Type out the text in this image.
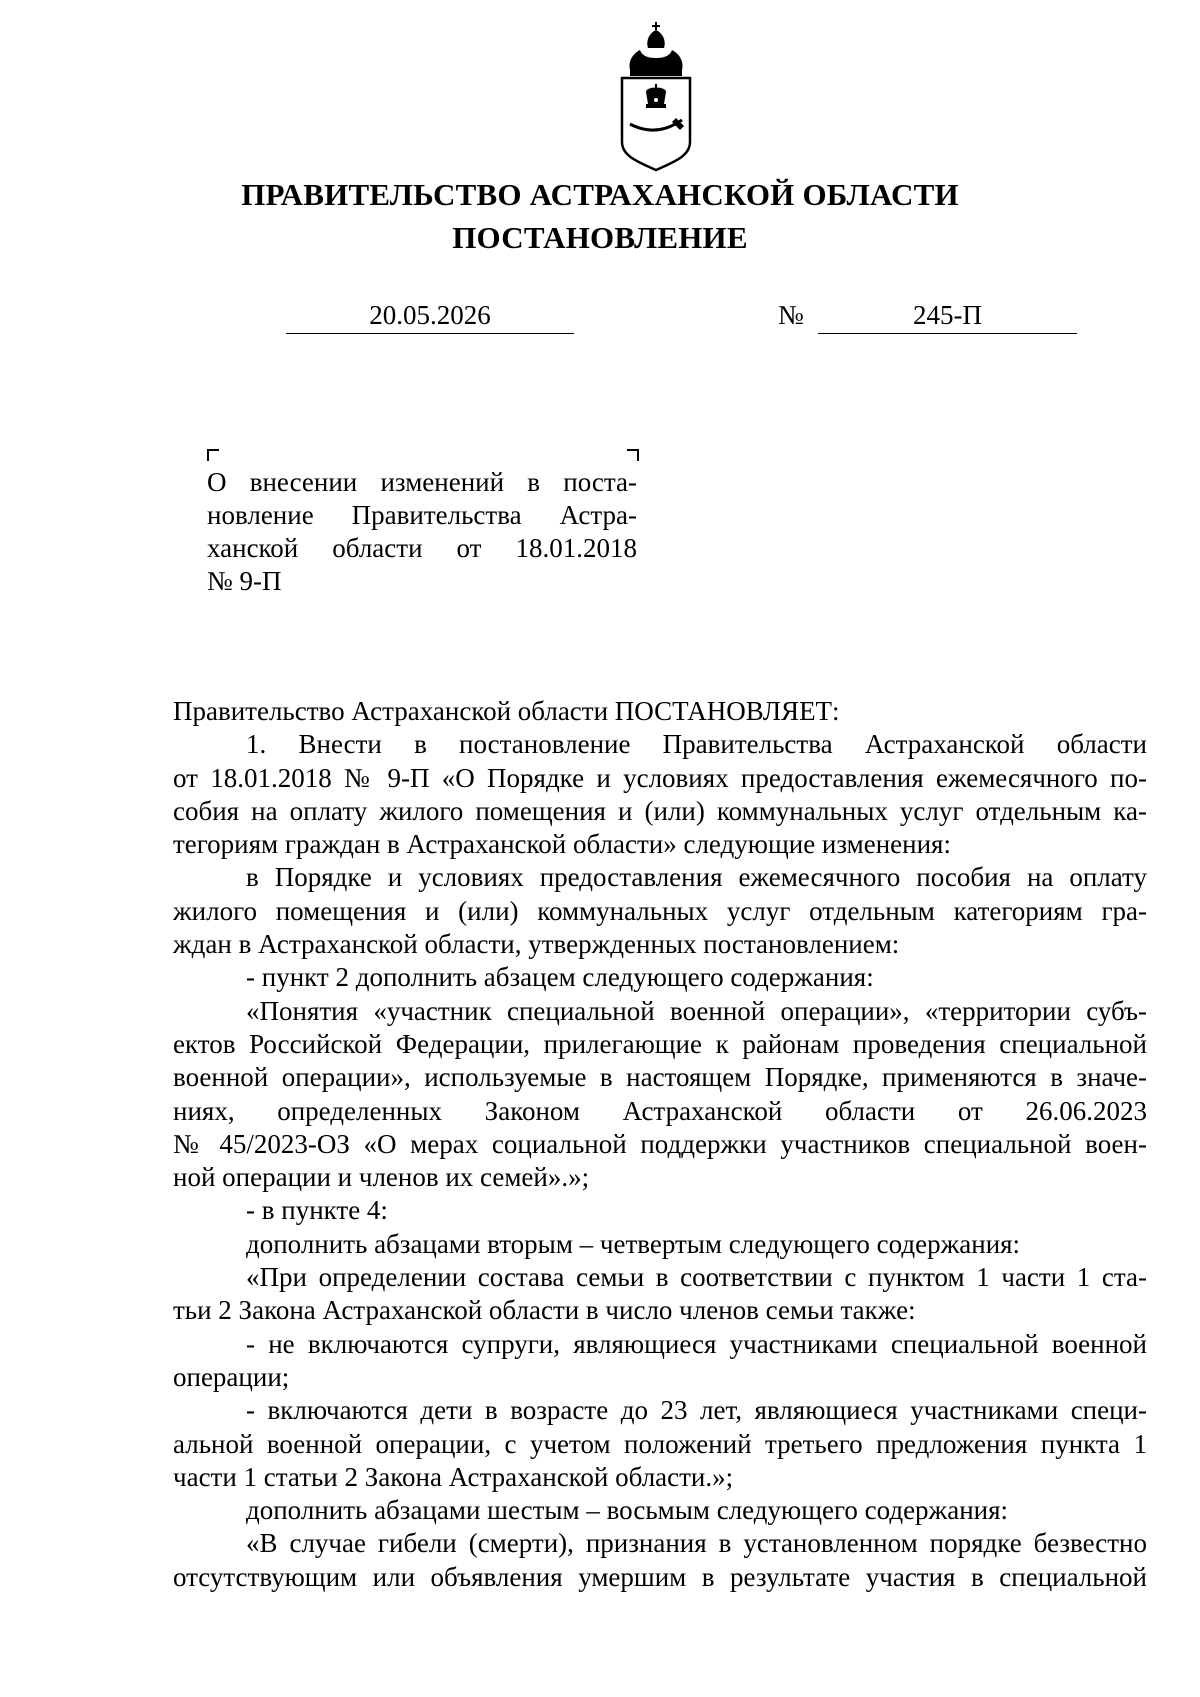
ПРАВИТЕЛЬСТВО АСТРАХАНСКОЙ ОБЛАСТИ
ПОСТАНОВЛЕНИЕ
20.05.2026	№	245-П
О внесении изменений в поста-
новление Правительства Астра-
ханской области от 18.01.2018
№ 9-П
Правительство Астраханской области ПОСТАНОВЛЯЕТ:
1. Внести в постановление Правительства Астраханской области
от 18.01.2018 № 9-П «О Порядке и условиях предоставления ежемесячного по-
собия на оплату жилого помещения и (или) коммунальных услуг отдельным ка-
тегориям граждан в Астраханской области» следующие изменения:
в Порядке и условиях предоставления ежемесячного пособия на оплату
жилого помещения и (или) коммунальных услуг отдельным категориям гра-
ждан в Астраханской области, утвержденных постановлением:
- пункт 2 дополнить абзацем следующего содержания:
«Понятия «участник специальной военной операции», «территории субъ-
ектов Российской Федерации, прилегающие к районам проведения специальной
военной операции», используемые в настоящем Порядке, применяются в значе-
ниях, определенных Законом Астраханской области от 26.06.2023
№ 45/2023-ОЗ «О мерах социальной поддержки участников специальной воен-
ной операции и членов их семей».»;
- в пункте 4:
дополнить абзацами вторым – четвертым следующего содержания:
«При определении состава семьи в соответствии с пунктом 1 части 1 ста-
тьи 2 Закона Астраханской области в число членов семьи также:
- не включаются супруги, являющиеся участниками специальной военной
операции;
- включаются дети в возрасте до 23 лет, являющиеся участниками специ-
альной военной операции, с учетом положений третьего предложения пункта 1
части 1 статьи 2 Закона Астраханской области.»;
дополнить абзацами шестым – восьмым следующего содержания:
«В случае гибели (смерти), признания в установленном порядке безвестно
отсутствующим или объявления умершим в результате участия в специальной
